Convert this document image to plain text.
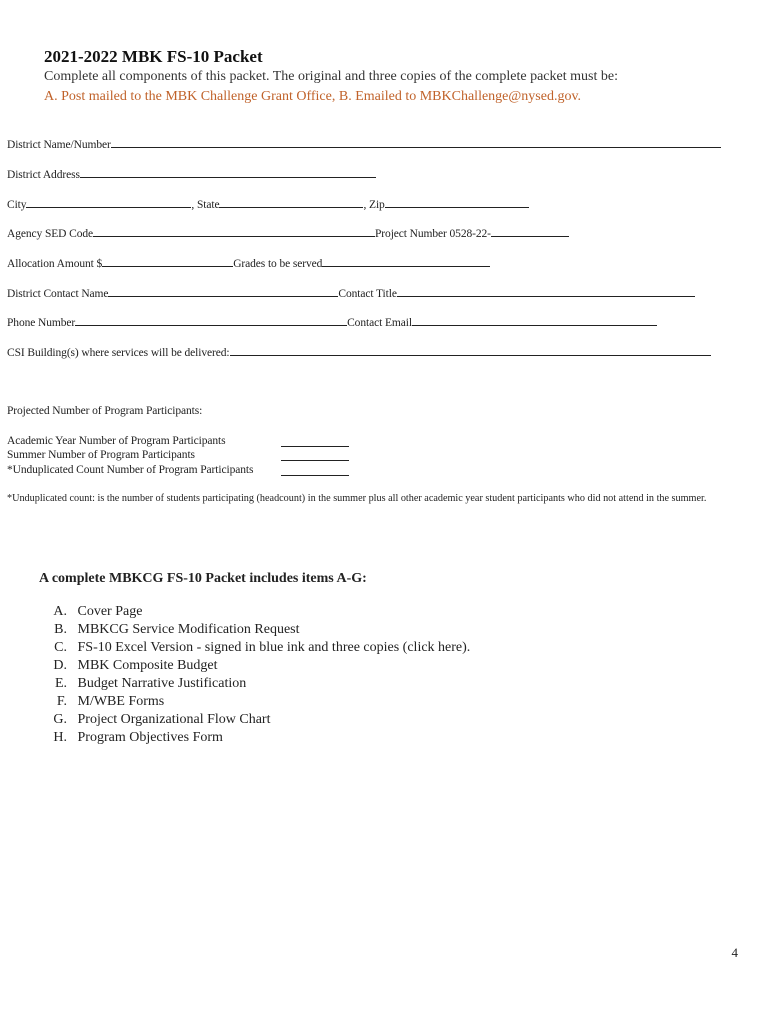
2021-2022 MBK FS-10 Packet
Complete all components of this packet. The original and three copies of the complete packet must be:
A. Post mailed to the MBK Challenge Grant Office, B. Emailed to MBKChallenge@nysed.gov.
District Name/Number
District Address
City	, State	, Zip
Agency SED Code	Project Number 0528-22-
Allocation Amount $	Grades to be served
District Contact Name	Contact Title
Phone Number	Contact Email
CSI Building(s) where services will be delivered:
Projected Number of Program Participants:
Academic Year Number of Program Participants
Summer Number of Program Participants
*Unduplicated Count Number of Program Participants
*Unduplicated count: is the number of students participating (headcount) in the summer plus all other academic year student participants who did not attend in the summer.
A complete MBKCG FS-10 Packet includes items A-G:
A. Cover Page
B. MBKCG Service Modification Request
C. FS-10 Excel Version - signed in blue ink and three copies (click here).
D. MBK Composite Budget
E. Budget Narrative Justification
F. M/WBE Forms
G. Project Organizational Flow Chart
H. Program Objectives Form
4
